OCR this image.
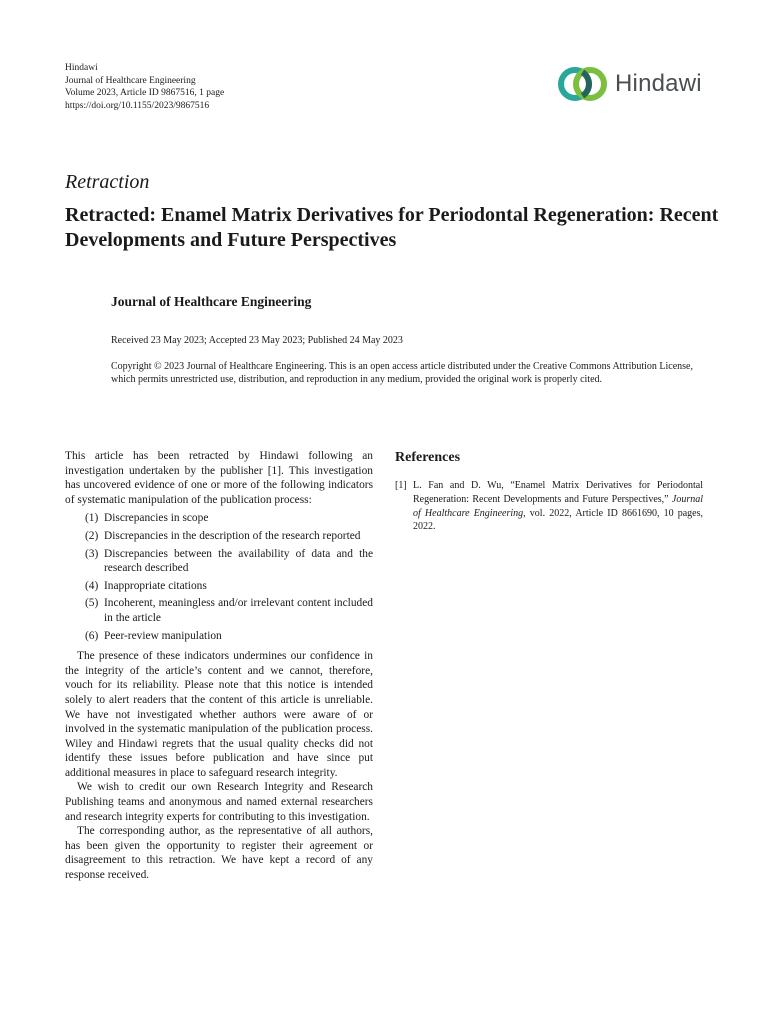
Hindawi
Journal of Healthcare Engineering
Volume 2023, Article ID 9867516, 1 page
https://doi.org/10.1155/2023/9867516
Hindawi
Retraction
Retracted: Enamel Matrix Derivatives for Periodontal Regeneration: Recent Developments and Future Perspectives
Journal of Healthcare Engineering
Received 23 May 2023; Accepted 23 May 2023; Published 24 May 2023

Copyright © 2023 Journal of Healthcare Engineering. This is an open access article distributed under the Creative Commons Attribution License, which permits unrestricted use, distribution, and reproduction in any medium, provided the original work is properly cited.

This article has been retracted by Hindawi following an investigation undertaken by the publisher [1]. This investigation has uncovered evidence of one or more of the following indicators of systematic manipulation of the publication process:

(1) Discrepancies in scope
(2) Discrepancies in the description of the research reported
(3) Discrepancies between the availability of data and the research described
(4) Inappropriate citations
(5) Incoherent, meaningless and/or irrelevant content included in the article
(6) Peer-review manipulation

The presence of these indicators undermines our confidence in the integrity of the article’s content and we cannot, therefore, vouch for its reliability. Please note that this notice is intended solely to alert readers that the content of this article is unreliable. We have not investigated whether authors were aware of or involved in the systematic manipulation of the publication process. Wiley and Hindawi regrets that the usual quality checks did not identify these issues before publication and have since put additional measures in place to safeguard research integrity.

We wish to credit our own Research Integrity and Research Publishing teams and anonymous and named external researchers and research integrity experts for contributing to this investigation.

The corresponding author, as the representative of all authors, has been given the opportunity to register their agreement or disagreement to this retraction. We have kept a record of any response received.

References
[1] L. Fan and D. Wu, “Enamel Matrix Derivatives for Periodontal Regeneration: Recent Developments and Future Perspectives,” Journal of Healthcare Engineering, vol. 2022, Article ID 8661690, 10 pages, 2022.
